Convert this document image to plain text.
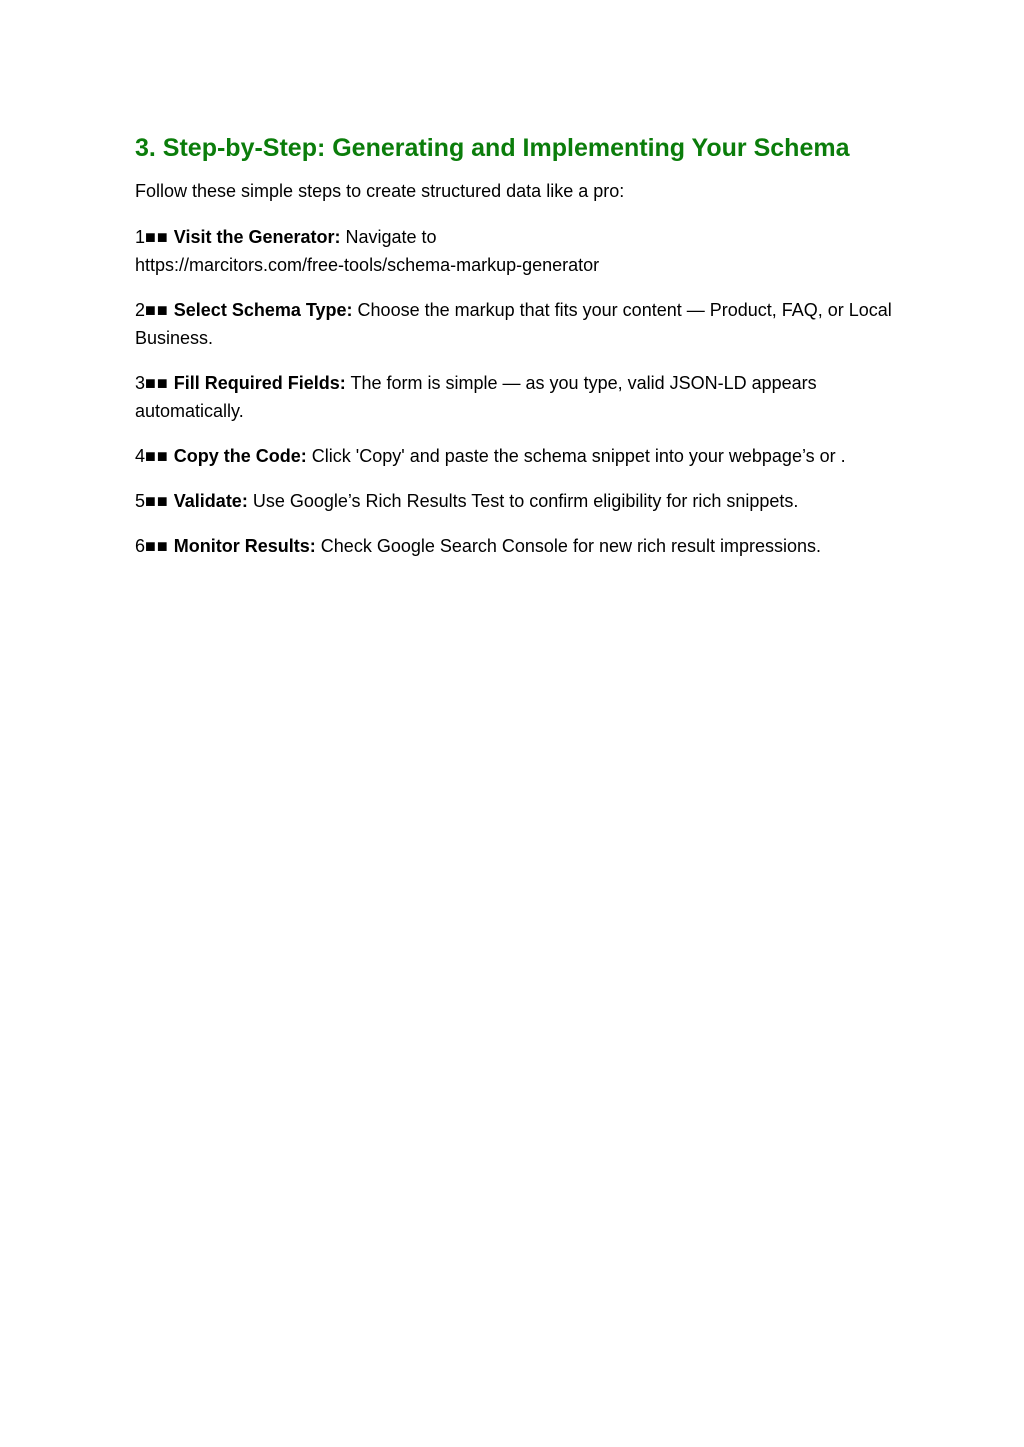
3. Step-by-Step: Generating and Implementing Your Schema

Follow these simple steps to create structured data like a pro:

1■■ Visit the Generator: Navigate to
https://marcitors.com/free-tools/schema-markup-generator
2■■ Select Schema Type: Choose the markup that fits your content — Product, FAQ, or Local Business.
3■■ Fill Required Fields: The form is simple — as you type, valid JSON-LD appears automatically.
4■■ Copy the Code: Click 'Copy' and paste the schema snippet into your webpage’s or .
5■■ Validate: Use Google’s Rich Results Test to confirm eligibility for rich snippets.
6■■ Monitor Results: Check Google Search Console for new rich result impressions.
